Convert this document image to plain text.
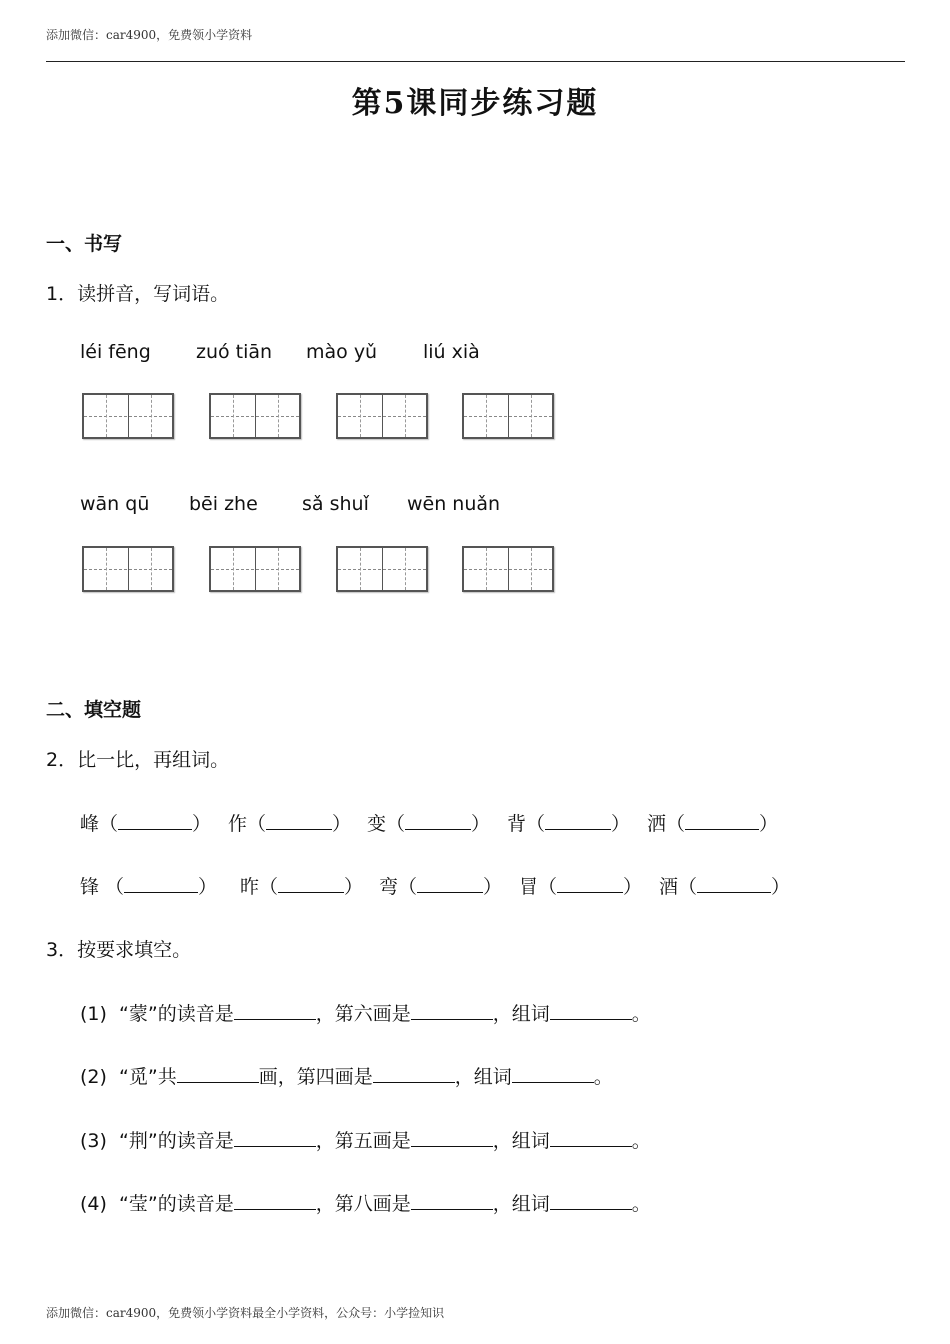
添加微信：car4900，免费领小学资料
第5课同步练习题
一、书写
1．读拼音，写词语。
léi fēng zuó tiān mào yǔ liú xià
wān qū bēi zhe sǎ shuǐ wēn nuǎn
二、填空题
2．比一比，再组词。
峰（	） 作（	） 变（	） 背（	） 洒（	）
锋 （	） 昨（	） 弯（	） 冒（	） 酒（	）
3．按要求填空。
(1) “蒙”的读音是	，第六画是	，组词	。
(2) “觅”共	画，第四画是	，组词	。
(3) “荆”的读音是	，第五画是	，组词	。
(4) “莹”的读音是	，第八画是	，组词	。
添加微信：car4900，免费领小学资料最全小学资料，公众号：小学捡知识
